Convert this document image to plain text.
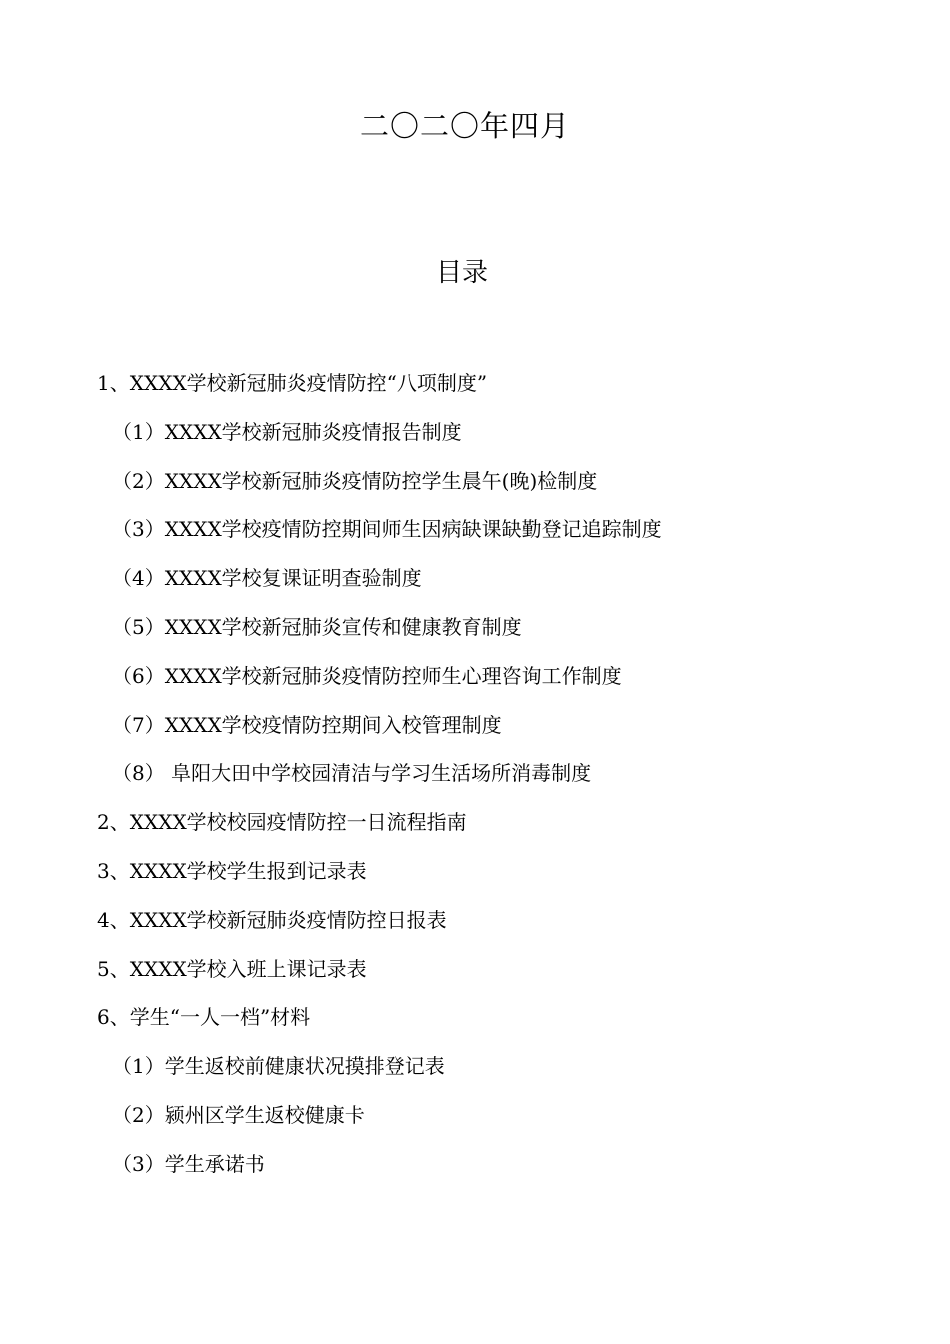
二〇二〇年四月
目录
1、XXXX学校新冠肺炎疫情防控“八项制度”
（1）XXXX学校新冠肺炎疫情报告制度
（2）XXXX学校新冠肺炎疫情防控学生晨午(晚)检制度
（3）XXXX学校疫情防控期间师生因病缺课缺勤登记追踪制度
（4）XXXX学校复课证明查验制度
（5）XXXX学校新冠肺炎宣传和健康教育制度
（6）XXXX学校新冠肺炎疫情防控师生心理咨询工作制度
（7）XXXX学校疫情防控期间入校管理制度
（8） 阜阳大田中学校园清洁与学习生活场所消毒制度
2、XXXX学校校园疫情防控一日流程指南
3、XXXX学校学生报到记录表
4、XXXX学校新冠肺炎疫情防控日报表
5、XXXX学校入班上课记录表
6、学生“一人一档”材料
（1）学生返校前健康状况摸排登记表
（2）颍州区学生返校健康卡
（3）学生承诺书
